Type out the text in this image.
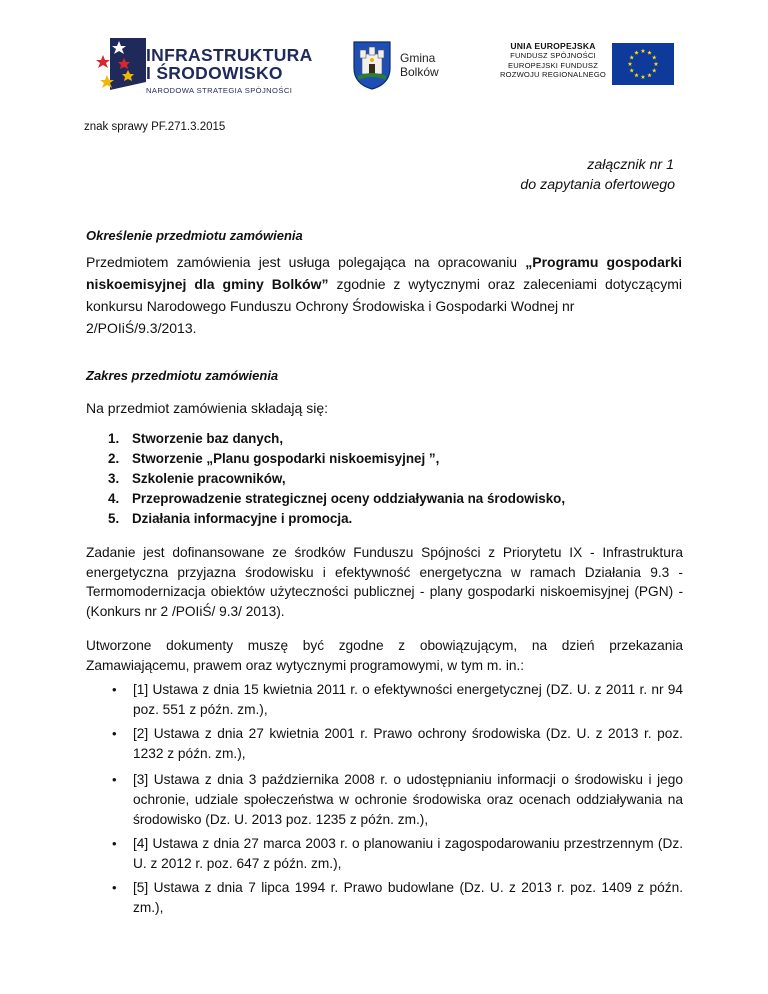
INFRASTRUKTURA
I ŚRODOWISKO
NARODOWA STRATEGIA SPÓJNOŚCI
Gmina
Bolków
UNIA EUROPEJSKA
FUNDUSZ SPÓJNOŚCI
EUROPEJSKI FUNDUSZ
ROZWOJU REGIONALNEGO
znak sprawy PF.271.3.2015
załącznik nr 1
do zapytania ofertowego
Określenie przedmiotu zamówienia
Przedmiotem zamówienia jest usługa polegająca na opracowaniu „Programu gospodarki niskoemisyjnej dla gminy Bolków” zgodnie z wytycznymi oraz zaleceniami dotyczącymi konkursu Narodowego Funduszu Ochrony Środowiska i Gospodarki Wodnej nr
2/POIiŚ/9.3/2013.
Zakres przedmiotu zamówienia
Na przedmiot zamówienia składają się:
1. Stworzenie baz danych,
2. Stworzenie „Planu gospodarki niskoemisyjnej ”,
3. Szkolenie pracowników,
4. Przeprowadzenie strategicznej oceny oddziaływania na środowisko,
5. Działania informacyjne i promocja.
Zadanie jest dofinansowane ze środków Funduszu Spójności z Priorytetu IX - Infrastruktura energetyczna przyjazna środowisku i efektywność energetyczna w ramach Działania 9.3 - Termomodernizacja obiektów użyteczności publicznej - plany gospodarki niskoemisyjnej (PGN) - (Konkurs nr 2 /POIiŚ/ 9.3/ 2013).
Utworzone dokumenty muszę być zgodne z obowiązującym, na dzień przekazania Zamawiającemu, prawem oraz wytycznymi programowymi, w tym m. in.:
• [1] Ustawa z dnia 15 kwietnia 2011 r. o efektywności energetycznej (DZ. U. z 2011 r. nr 94 poz. 551 z późn. zm.),
• [2] Ustawa z dnia 27 kwietnia 2001 r. Prawo ochrony środowiska (Dz. U. z 2013 r. poz. 1232 z późn. zm.),
• [3] Ustawa z dnia 3 października 2008 r. o udostępnianiu informacji o środowisku i jego ochronie, udziale społeczeństwa w ochronie środowiska oraz ocenach oddziaływania na środowisko (Dz. U. 2013 poz. 1235 z późn. zm.),
• [4] Ustawa z dnia 27 marca 2003 r. o planowaniu i zagospodarowaniu przestrzennym (Dz. U. z 2012 r. poz. 647 z późn. zm.),
• [5] Ustawa z dnia 7 lipca 1994 r. Prawo budowlane (Dz. U. z 2013 r. poz. 1409 z późn. zm.),
